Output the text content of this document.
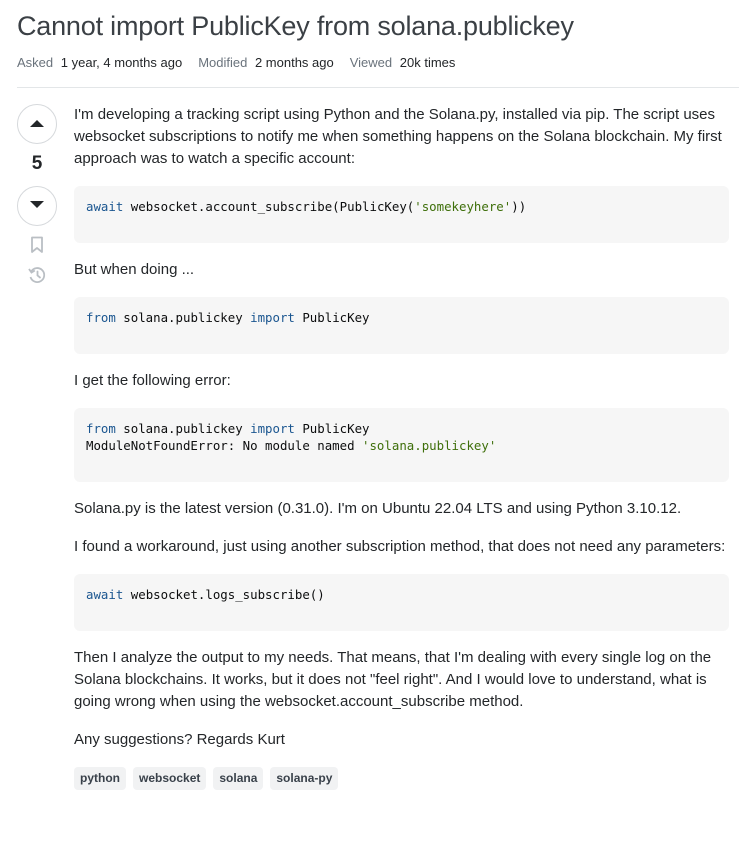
Cannot import PublicKey from solana.publickey
Asked 1 year, 4 months ago Modified 2 months ago Viewed 20k times
5

I'm developing a tracking script using Python and the Solana.py, installed via pip. The script uses websocket subscriptions to notify me when something happens on the Solana blockchain. My first approach was to watch a specific account:

await websocket.account_subscribe(PublicKey('somekeyhere'))

But when doing ...

from solana.publickey import PublicKey

I get the following error:

from solana.publickey import PublicKey
ModuleNotFoundError: No module named 'solana.publickey'

Solana.py is the latest version (0.31.0). I'm on Ubuntu 22.04 LTS and using Python 3.10.12.

I found a workaround, just using another subscription method, that does not need any parameters:

await websocket.logs_subscribe()

Then I analyze the output to my needs. That means, that I'm dealing with every single log on the Solana blockchains. It works, but it does not "feel right". And I would love to understand, what is going wrong when using the websocket.account_subscribe method.

Any suggestions? Regards Kurt

python	websocket	solana	solana-py
